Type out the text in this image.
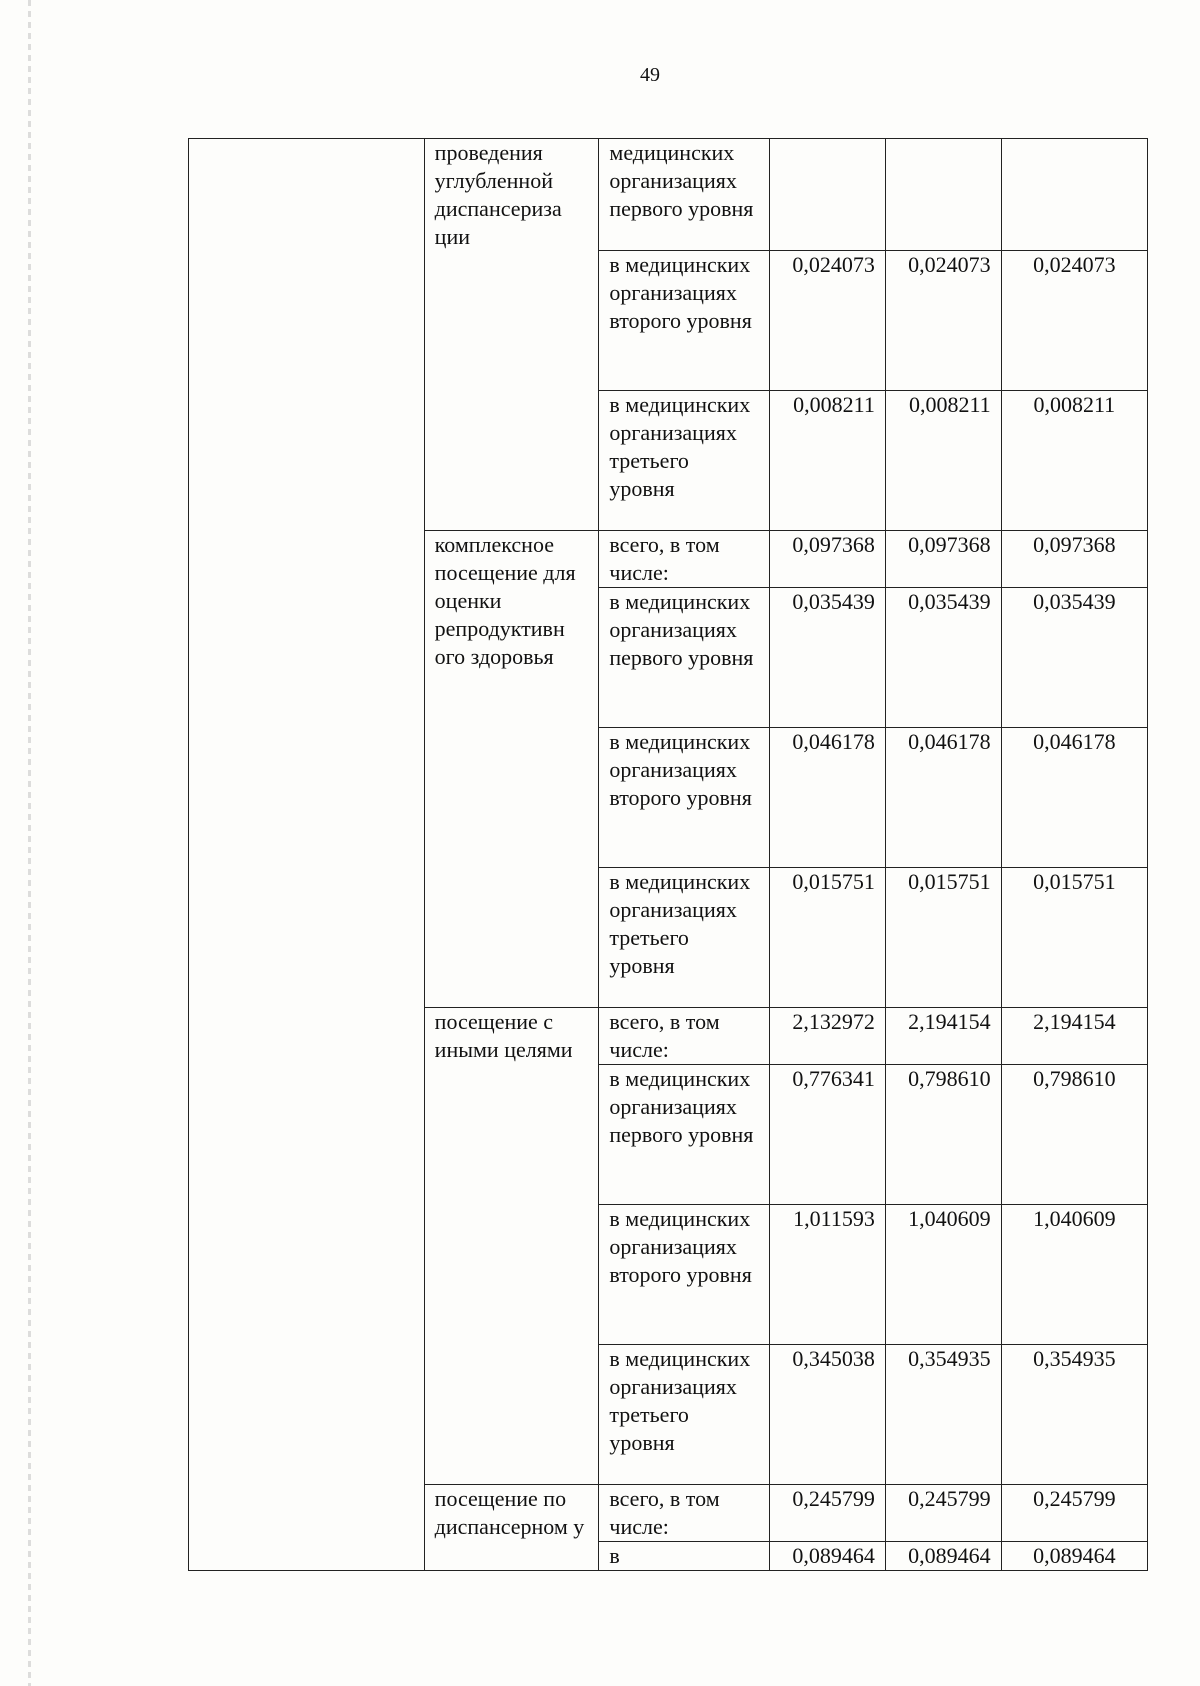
49
	проведения углубленной диспансериза ции	медицинских организациях первого уровня			
		в медицинских организациях второго уровня	0,024073	0,024073	0,024073
		в медицинских организациях третьего уровня	0,008211	0,008211	0,008211
	комплексное посещение для оценки репродуктивн ого здоровья	всего, в том числе:	0,097368	0,097368	0,097368
		в медицинских организациях первого уровня	0,035439	0,035439	0,035439
		в медицинских организациях второго уровня	0,046178	0,046178	0,046178
		в медицинских организациях третьего уровня	0,015751	0,015751	0,015751
	посещение с иными целями	всего, в том числе:	2,132972	2,194154	2,194154
		в медицинских организациях первого уровня	0,776341	0,798610	0,798610
		в медицинских организациях второго уровня	1,011593	1,040609	1,040609
		в медицинских организациях третьего уровня	0,345038	0,354935	0,354935
	посещение по диспансерном у	всего, в том числе:	0,245799	0,245799	0,245799
		в	0,089464	0,089464	0,089464
